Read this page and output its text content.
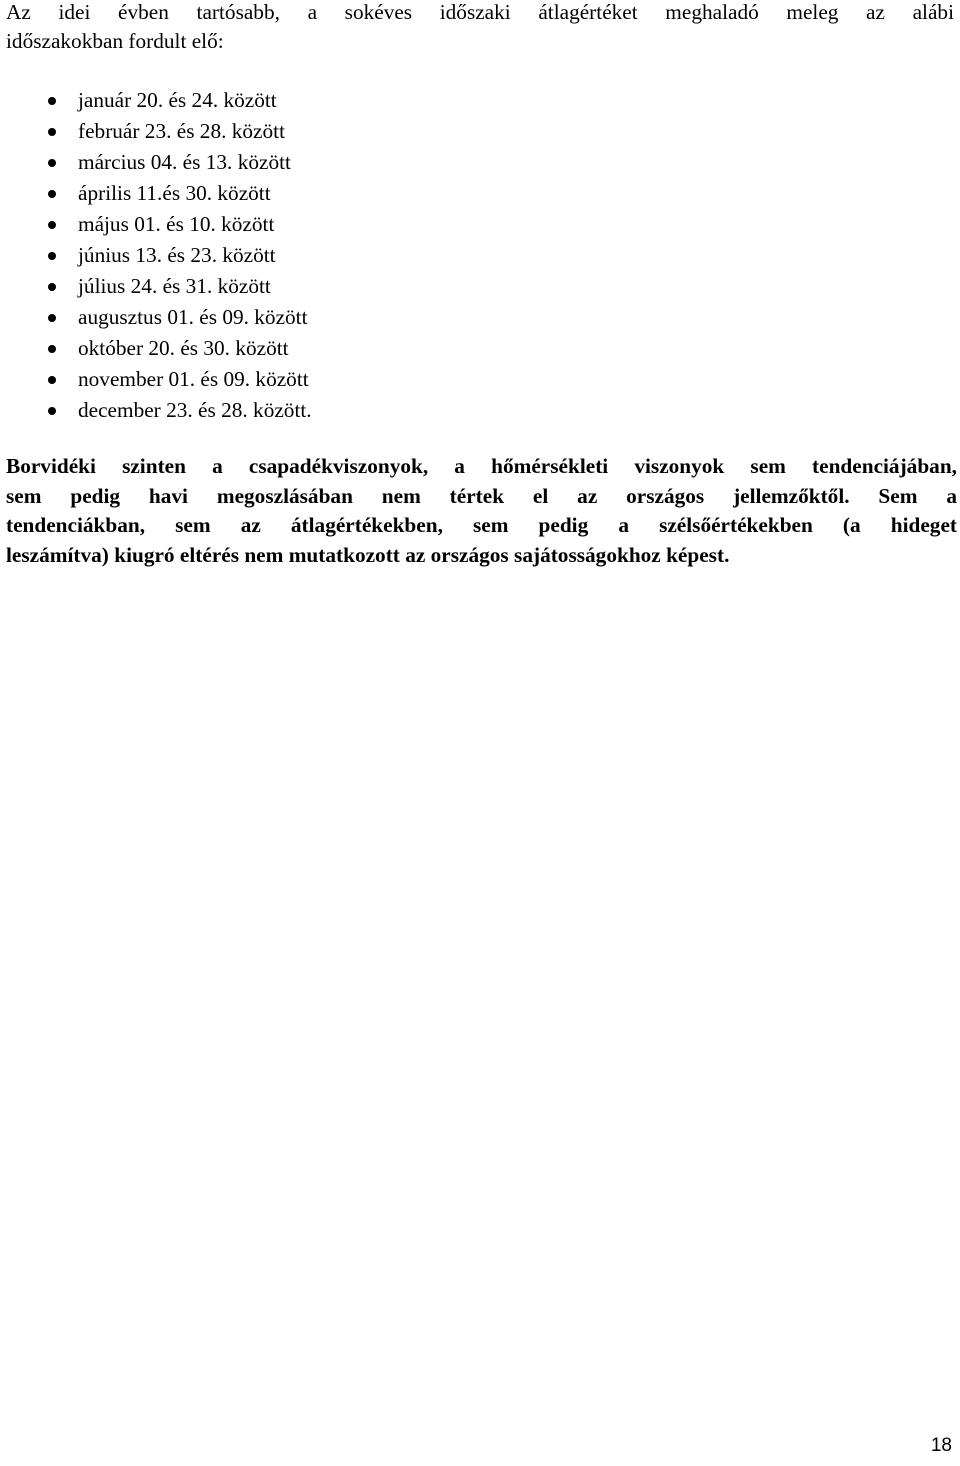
Az idei évben tartósabb, a sokéves időszaki átlagértéket meghaladó meleg az alábi
időszakokban fordult elő:
január 20. és 24. között
február 23. és 28. között
március 04. és 13. között
április 11.és 30. között
május 01. és 10. között
június 13. és 23. között
július 24. és 31. között
augusztus 01. és 09. között
október 20. és 30. között
november 01. és 09. között
december 23. és 28. között.
Borvidéki szinten a csapadékviszonyok, a hőmérsékleti viszonyok sem tendenciájában,
sem pedig havi megoszlásában nem tértek el az országos jellemzőktől. Sem a
tendenciákban, sem az átlagértékekben, sem pedig a szélsőértékekben (a hideget
leszámítva) kiugró eltérés nem mutatkozott az országos sajátosságokhoz képest.
18
